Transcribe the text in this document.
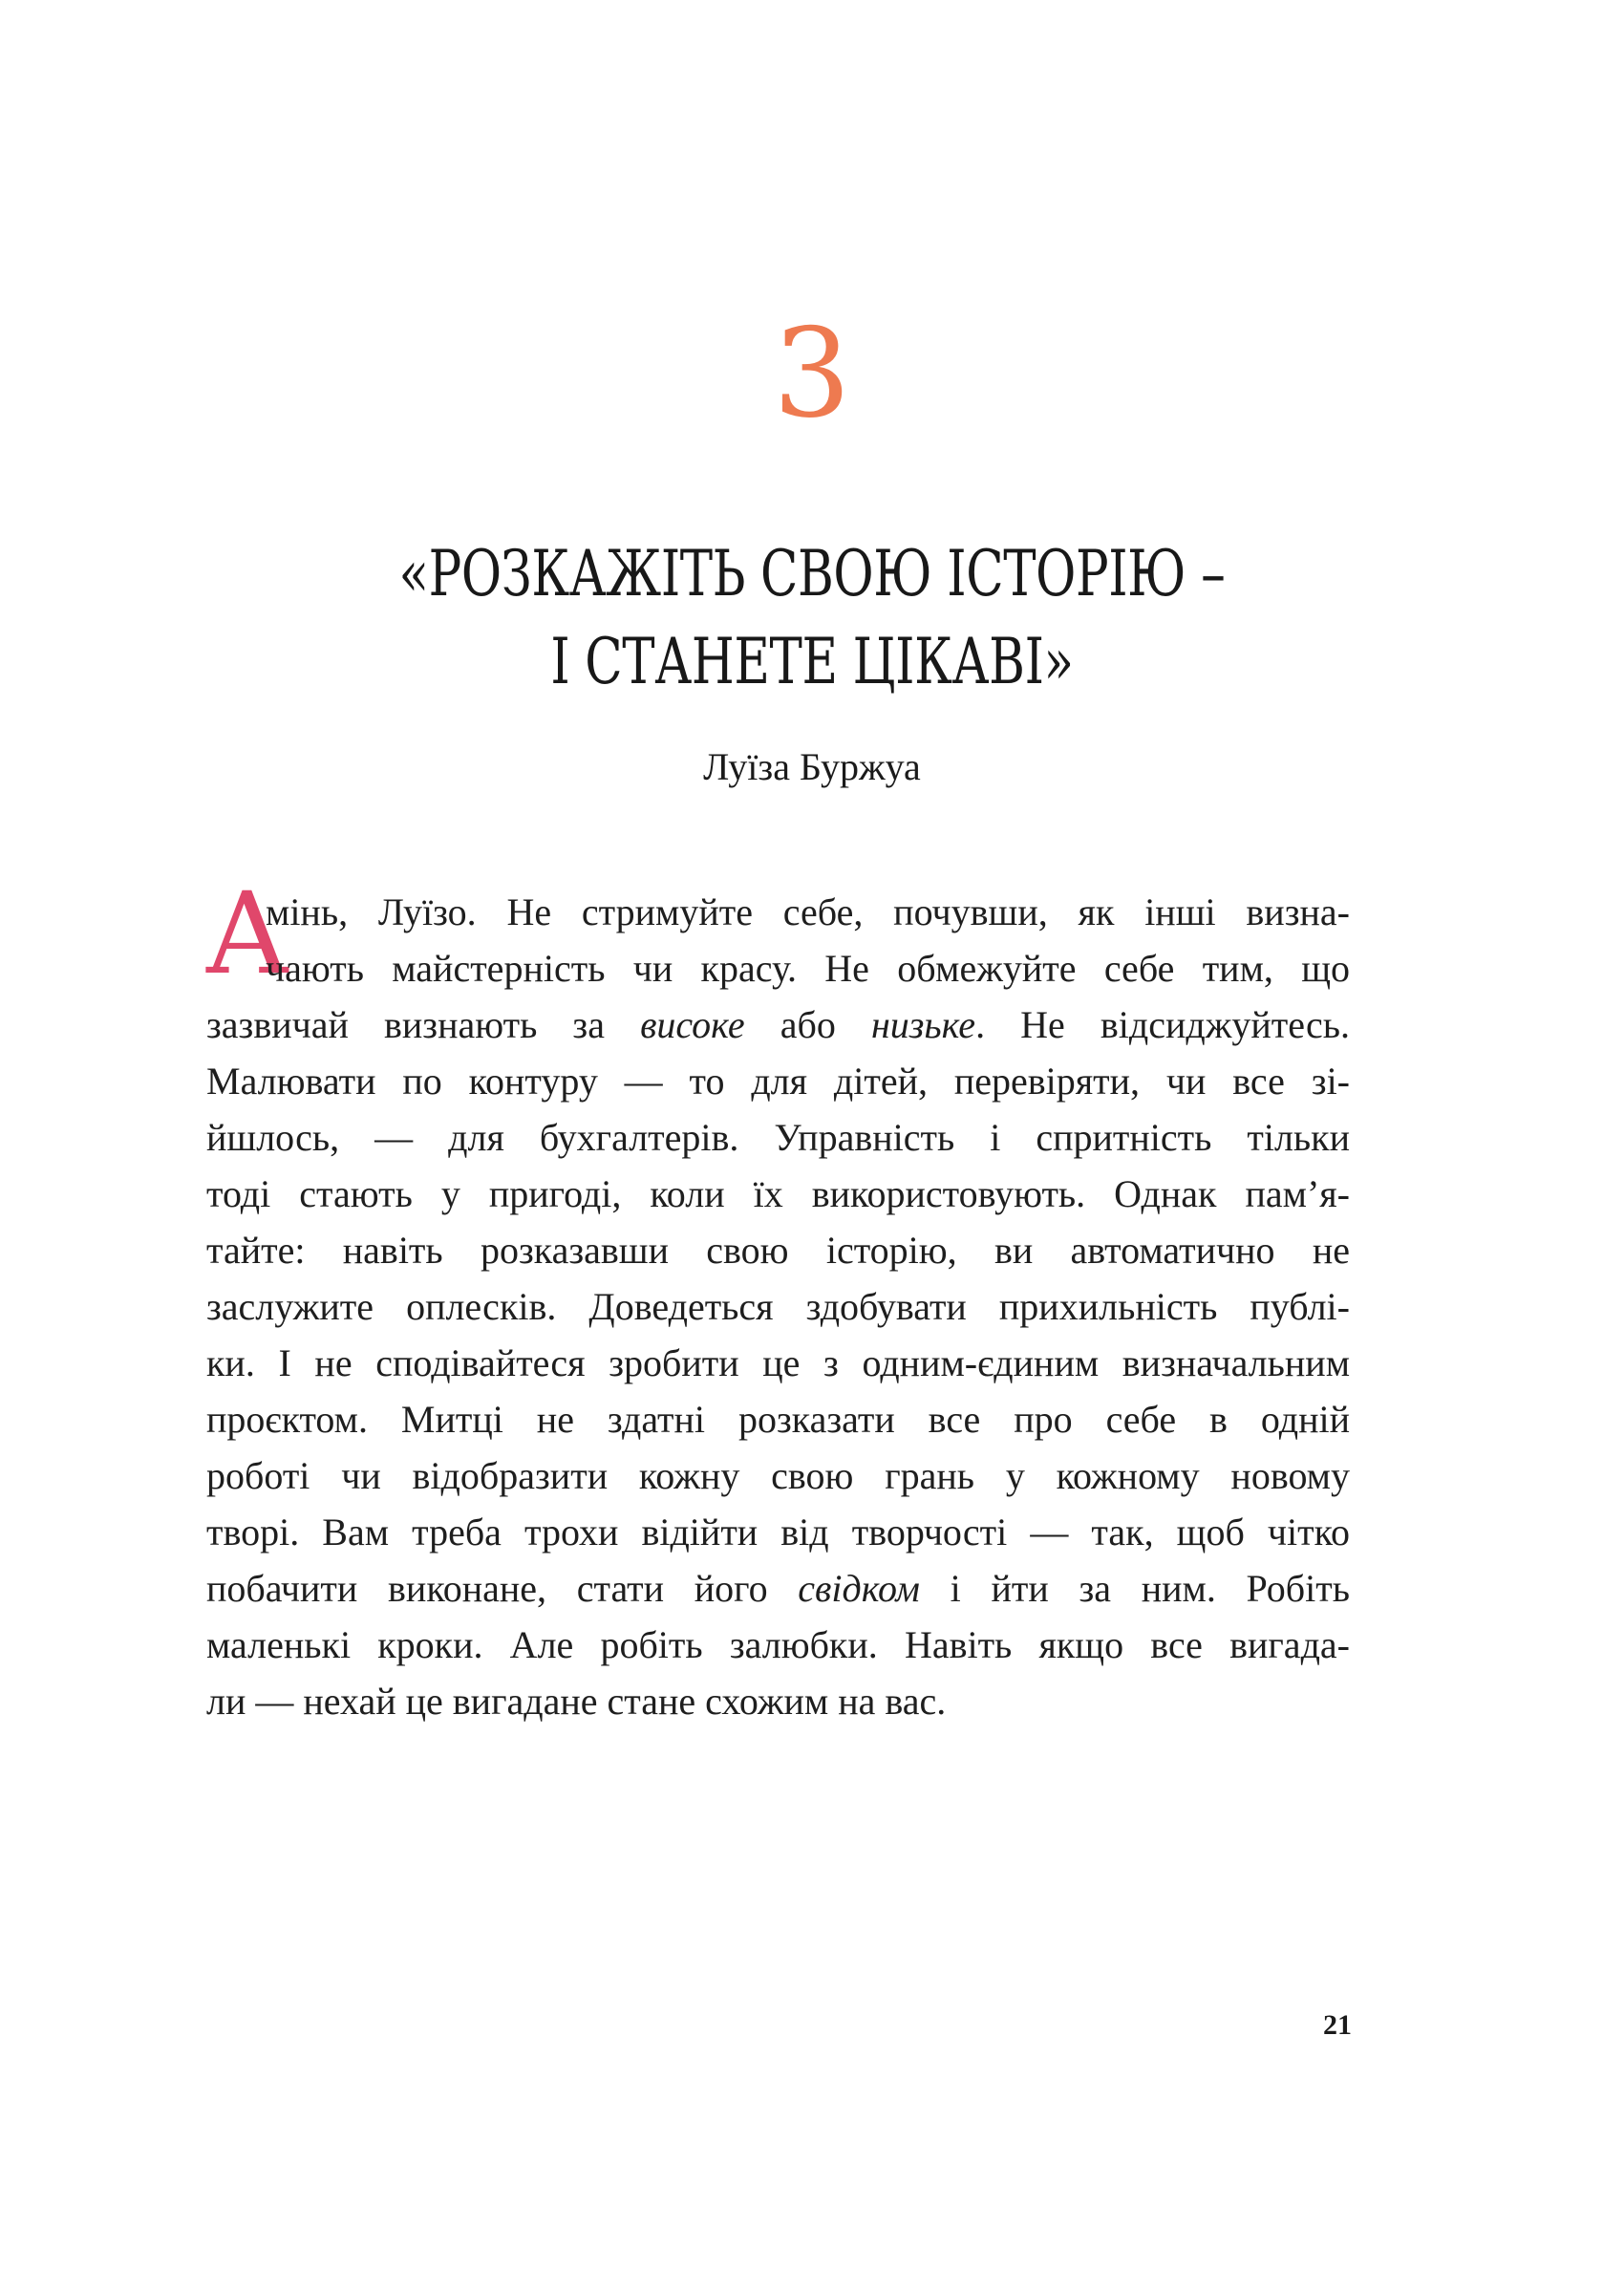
3
«РОЗКАЖІТЬ СВОЮ ІСТОРІЮ –
І СТАНЕТЕ ЦІКАВІ»
Луїза Буржуа
А
мінь, Луїзо. Не стримуйте себе, почувши, як інші визна-
чають майстерність чи красу. Не обмежуйте себе тим, що
зазвичай визнають за високе або низьке. Не відсиджуйтесь.
Малювати по контуру — то для дітей, перевіряти, чи все зі-
йшлось, — для бухгалтерів. Управність і спритність тільки
тоді стають у пригоді, коли їх використовують. Однак пам’я-
тайте: навіть розказавши свою історію, ви автоматично не
заслужите оплесків. Доведеться здобувати прихильність публі-
ки. І не сподівайтеся зробити це з одним-єдиним визначальним
проєктом. Митці не здатні розказати все про себе в одній
роботі чи відобразити кожну свою грань у кожному новому
творі. Вам треба трохи відійти від творчості — так, щоб чітко
побачити виконане, стати його свідком і йти за ним. Робіть
маленькі кроки. Але робіть залюбки. Навіть якщо все вигада-
ли — нехай це вигадане стане схожим на вас.
21
